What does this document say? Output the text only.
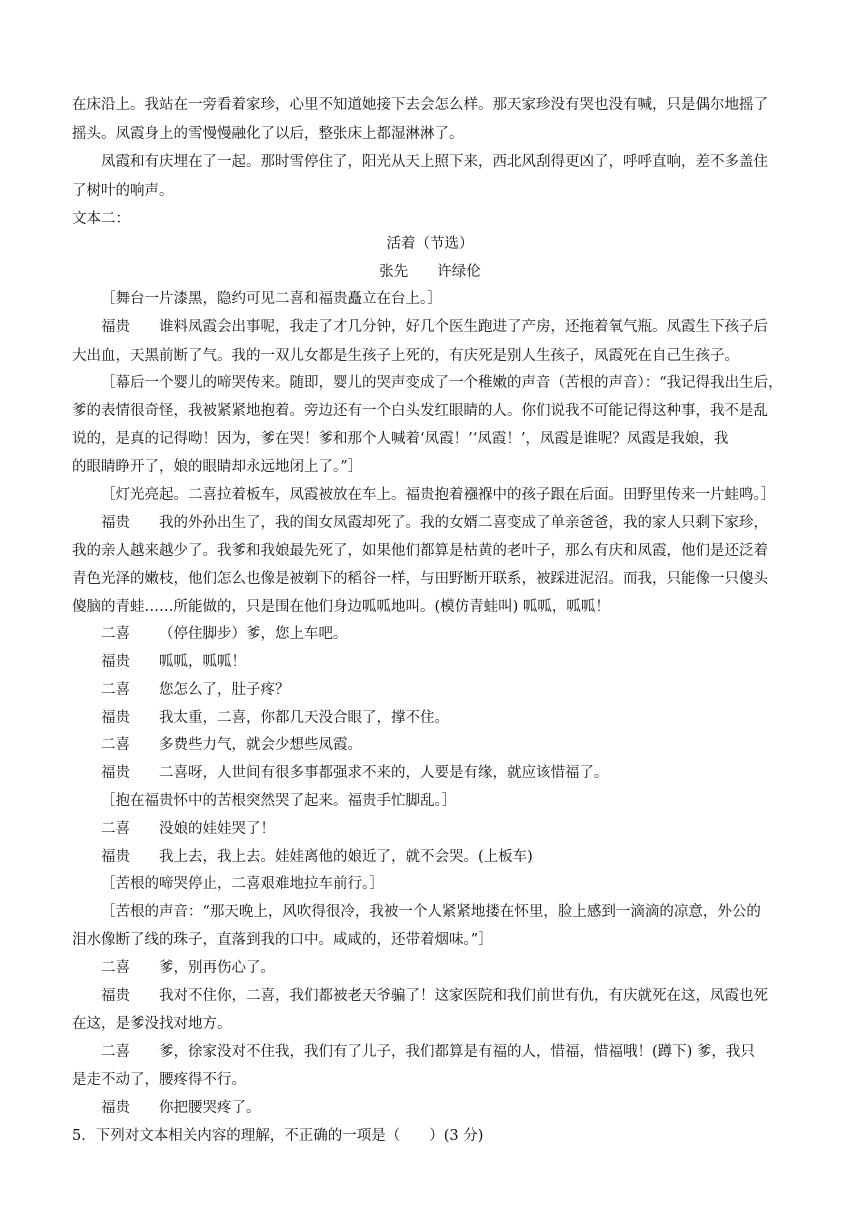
在床沿上。我站在一旁看着家珍，心里不知道她接下去会怎么样。那天家珍没有哭也没有喊，只是偶尔地摇了
摇头。凤霞身上的雪慢慢融化了以后，整张床上都湿淋淋了。
凤霞和有庆埋在了一起。那时雪停住了，阳光从天上照下来，西北风刮得更凶了，呼呼直响，差不多盖住
了树叶的响声。
文本二：
活着（节选）
张先　　许绿伦
［舞台一片漆黑，隐约可见二喜和福贵矗立在台上。］
福贵 谁料凤霞会出事呢，我走了才几分钟，好几个医生跑进了产房，还拖着氧气瓶。凤霞生下孩子后
大出血，天黑前断了气。我的一双儿女都是生孩子上死的，有庆死是别人生孩子，凤霞死在自己生孩子。
［幕后一个婴儿的啼哭传来。随即，婴儿的哭声变成了一个稚嫩的声音（苦根的声音）：“我记得我出生后，
爹的表情很奇怪，我被紧紧地抱着。旁边还有一个白头发红眼睛的人。你们说我不可能记得这种事，我不是乱
说的，是真的记得呦！因为，爹在哭！爹和那个人喊着‘凤霞！’‘凤霞！’，凤霞是谁呢？凤霞是我娘，我
的眼睛睁开了，娘的眼睛却永远地闭上了。”］
［灯光亮起。二喜拉着板车，凤霞被放在车上。福贵抱着襁褓中的孩子跟在后面。田野里传来一片蛙鸣。］
福贵 我的外孙出生了，我的闺女凤霞却死了。我的女婿二喜变成了单亲爸爸，我的家人只剩下家珍，
我的亲人越来越少了。我爹和我娘最先死了，如果他们都算是枯黄的老叶子，那么有庆和凤霞，他们是还泛着
青色光泽的嫩枝，他们怎么也像是被剃下的稻谷一样，与田野断开联系，被踩进泥沼。而我，只能像一只傻头
傻脑的青蛙……所能做的，只是围在他们身边呱呱地叫。(模仿青蛙叫) 呱呱，呱呱！
二喜 （停住脚步）爹，您上车吧。
福贵 呱呱，呱呱！
二喜 您怎么了，肚子疼？
福贵 我太重，二喜，你都几天没合眼了，撑不住。
二喜 多费些力气，就会少想些凤霞。
福贵 二喜呀，人世间有很多事都强求不来的，人要是有缘，就应该惜福了。
［抱在福贵怀中的苦根突然哭了起来。福贵手忙脚乱。］
二喜 没娘的娃娃哭了！
福贵 我上去，我上去。娃娃离他的娘近了，就不会哭。(上板车)
［苦根的啼哭停止，二喜艰难地拉车前行。］
［苦根的声音：“那天晚上，风吹得很冷，我被一个人紧紧地搂在怀里，脸上感到一滴滴的凉意，外公的
泪水像断了线的珠子，直落到我的口中。咸咸的，还带着烟味。”］
二喜 爹，别再伤心了。
福贵 我对不住你，二喜，我们都被老天爷骗了！这家医院和我们前世有仇，有庆就死在这，凤霞也死
在这，是爹没找对地方。
二喜 爹，徐家没对不住我，我们有了儿子，我们都算是有福的人，惜福，惜福哦！(蹲下) 爹，我只
是走不动了，腰疼得不行。
福贵 你把腰哭疼了。
5．下列对文本相关内容的理解，不正确的一项是（　　）(3 分)
